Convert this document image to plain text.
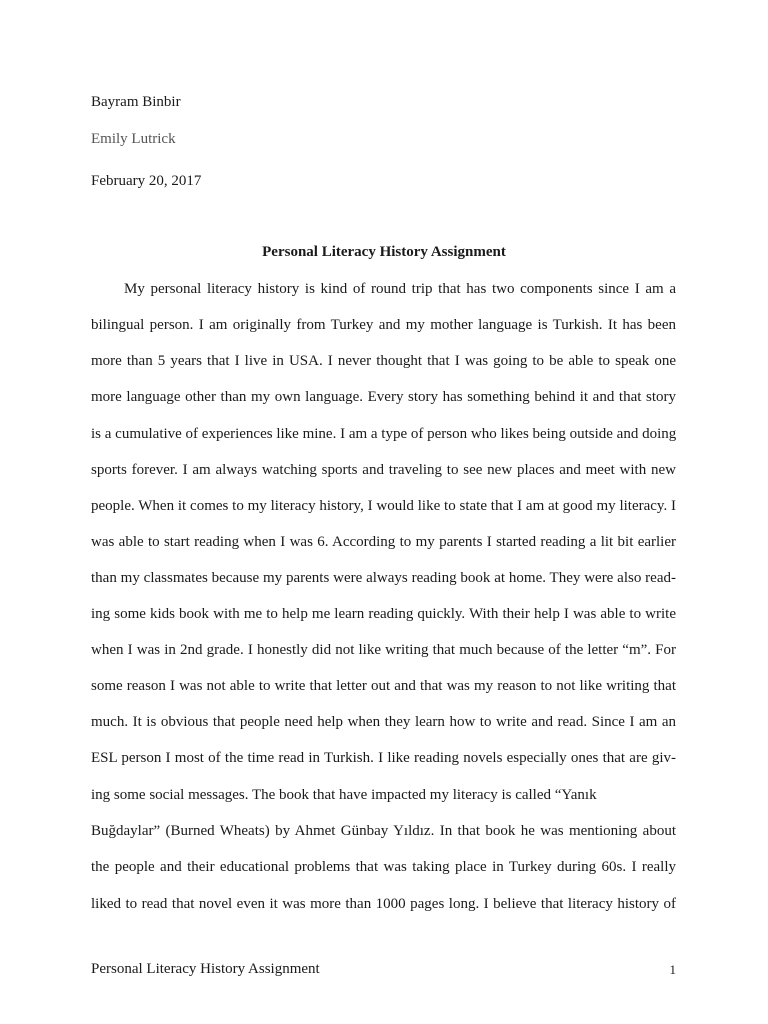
Bayram Binbir
Emily Lutrick
February 20, 2017
Personal Literacy History Assignment
My personal literacy history is kind of round trip that has two components since I am a
bilingual person. I am originally from Turkey and my mother language is Turkish. It has been
more than 5 years that I live in USA. I never thought that I was going to be able to speak one
more language other than my own language. Every story has something behind it and that story
is a cumulative of experiences like mine. I am a type of person who likes being outside and doing
sports forever. I am always watching sports and traveling to see new places and meet with new
people. When it comes to my literacy history, I would like to state that I am at good my literacy. I
was able to start reading when I was 6. According to my parents I started reading a lit bit earlier
than my classmates because my parents were always reading book at home. They were also read-
ing some kids book with me to help me learn reading quickly. With their help I was able to write
when I was in 2nd grade. I honestly did not like writing that much because of the letter “m”. For
some reason I was not able to write that letter out and that was my reason to not like writing that
much. It is obvious that people need help when they learn how to write and read. Since I am an
ESL person I most of the time read in Turkish. I like reading novels especially ones that are giv-
ing some social messages. The book that have impacted my literacy is called “Yanık
Buğdaylar” (Burned Wheats) by Ahmet Günbay Yıldız. In that book he was mentioning about
the people and their educational problems that was taking place in Turkey during 60s. I really
liked to read that novel even it was more than 1000 pages long. I believe that literacy history of
Personal Literacy History Assignment	1
